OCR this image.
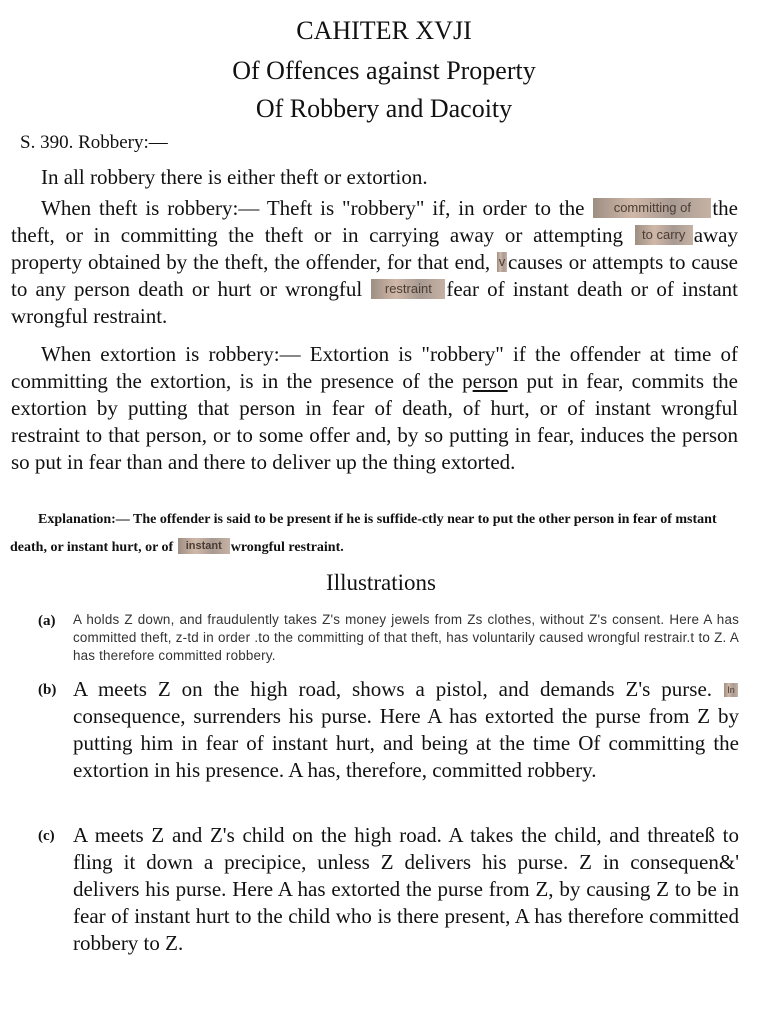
CAHITER XVJI
Of Offences against Property
Of Robbery and Dacoity
S. 390. Robbery:—

In all robbery there is either theft or extortion.

When theft is robbery:— Theft is "robbery" if, in order to the committing of the theft, or in committing the theft or in carrying away or attempting to carry away property obtained by the theft, the offender, for that end, v causes or attempts to cause to any person death or hurt or wrongful restraint fear of instant death or of instant wrongful restraint.

When extortion is robbery:— Extortion is "robbery" if the offender at time of committing the extortion, is in the presence of the person put in fear, commits the extortion by putting that person in fear of death, of hurt, or of instant wrongful restraint to that person, or to some offer and, by so putting in fear, induces the person so put in fear than and there to deliver up the thing extorted.

Explanation:— The offender is said to be present if he is suffide-ctly near to put the other person in fear of mstant death, or instant hurt, or of instant wrongful restraint.

Illustrations
(a) A holds Z down, and fraudulently takes Z's money jewels from Zs clothes, without Z's consent. Here A has committed theft, z-td in order .to the committing of that theft, has voluntarily caused wrongful restrair.t to Z. A has therefore committed robbery.
(b) A meets Z on the high road, shows a pistol, and demands Z's purse. Inconsequence, surrenders his purse. Here A has extorted the purse from Z by putting him in fear of instant hurt, and being at the time Of committing the extortion in his presence. A has, therefore, committed robbery.
(c) A meets Z and Z's child on the high road. A takes the child, and threateß to fling it down a precipice, unless Z delivers his purse. Z in consequen&' delivers his purse. Here A has extorted the purse from Z, by causing Z to be in fear of instant hurt to the child who is there present, A has therefore committed robbery to Z.
